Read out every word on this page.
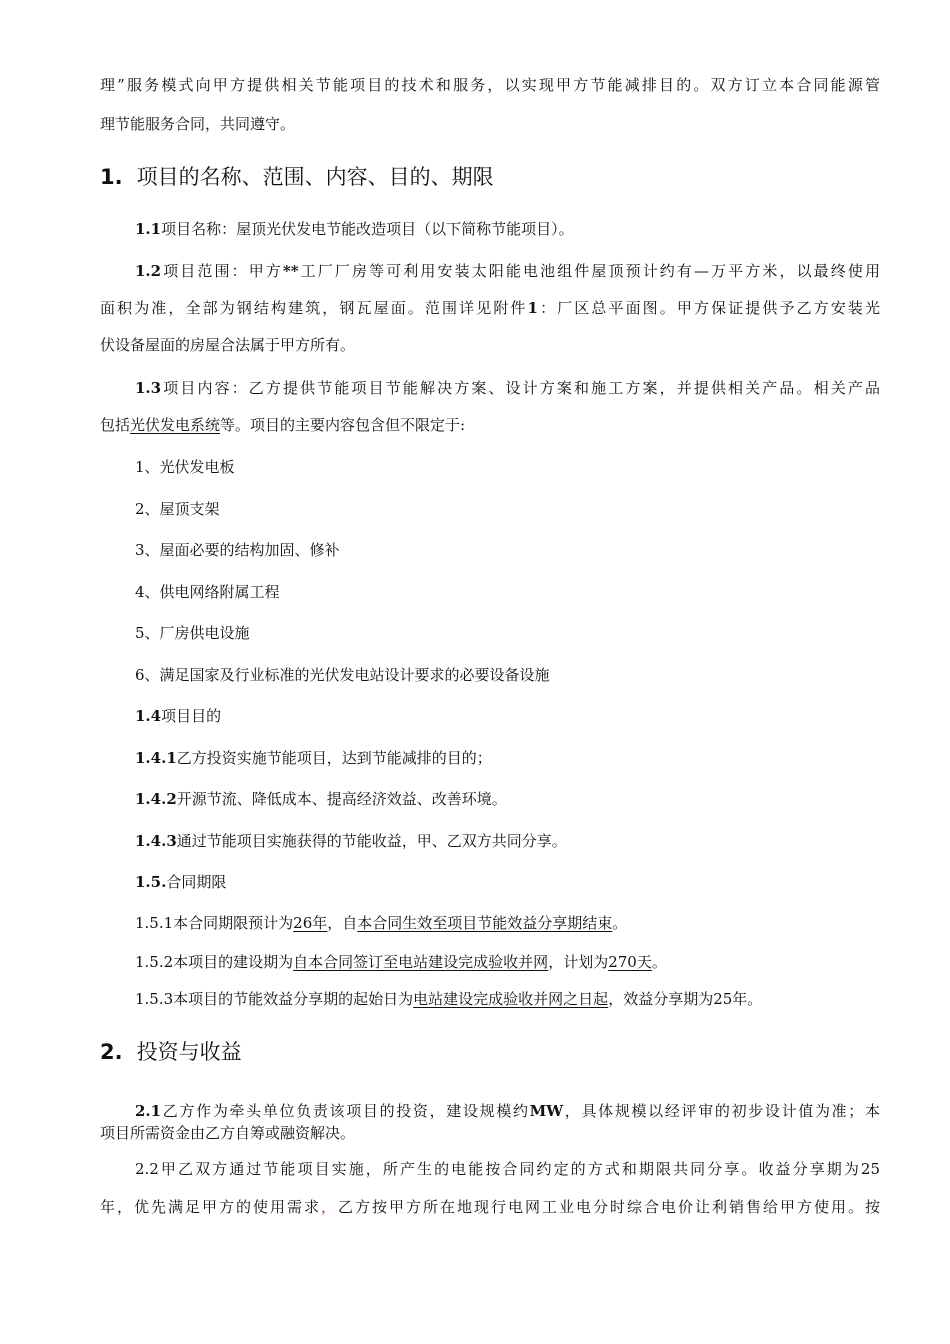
理”服务模式向甲方提供相关节能项目的技术和服务，以实现甲方节能减排目的。双方订立本合同能源管
理节能服务合同，共同遵守。
1. 项目的名称、范围、内容、目的、期限
1.1项目名称：屋顶光伏发电节能改造项目（以下简称节能项目）。
1.2项目范围：甲方**工厂厂房等可利用安装太阳能电池组件屋顶预计约有—万平方米，以最终使用
面积为准，全部为钢结构建筑，钢瓦屋面。范围详见附件1：厂区总平面图。甲方保证提供予乙方安装光
伏设备屋面的房屋合法属于甲方所有。
1.3项目内容：乙方提供节能项目节能解决方案、设计方案和施工方案，并提供相关产品。相关产品
包括光伏发电系统等。项目的主要内容包含但不限定于:
1、光伏发电板
2、屋顶支架
3、屋面必要的结构加固、修补
4、供电网络附属工程
5、厂房供电设施
6、满足国家及行业标准的光伏发电站设计要求的必要设备设施
1.4项目目的
1.4.1乙方投资实施节能项目，达到节能减排的目的；
1.4.2开源节流、降低成本、提高经济效益、改善环境。
1.4.3通过节能项目实施获得的节能收益，甲、乙双方共同分享。
1.5.合同期限
1.5.1本合同期限预计为26年，自本合同生效至项目节能效益分享期结束。
1.5.2本项目的建设期为自本合同签订至电站建设完成验收并网，计划为270天。
1.5.3本项目的节能效益分享期的起始日为电站建设完成验收并网之日起，效益分享期为25年。
2. 投资与收益
2.1乙方作为牵头单位负责该项目的投资，建设规模约MW，具体规模以经评审的初步设计值为准；本
项目所需资金由乙方自筹或融资解决。
2.2甲乙双方通过节能项目实施，所产生的电能按合同约定的方式和期限共同分享。收益分享期为25
年，优先满足甲方的使用需求，乙方按甲方所在地现行电网工业电分时综合电价让利销售给甲方使用。按
